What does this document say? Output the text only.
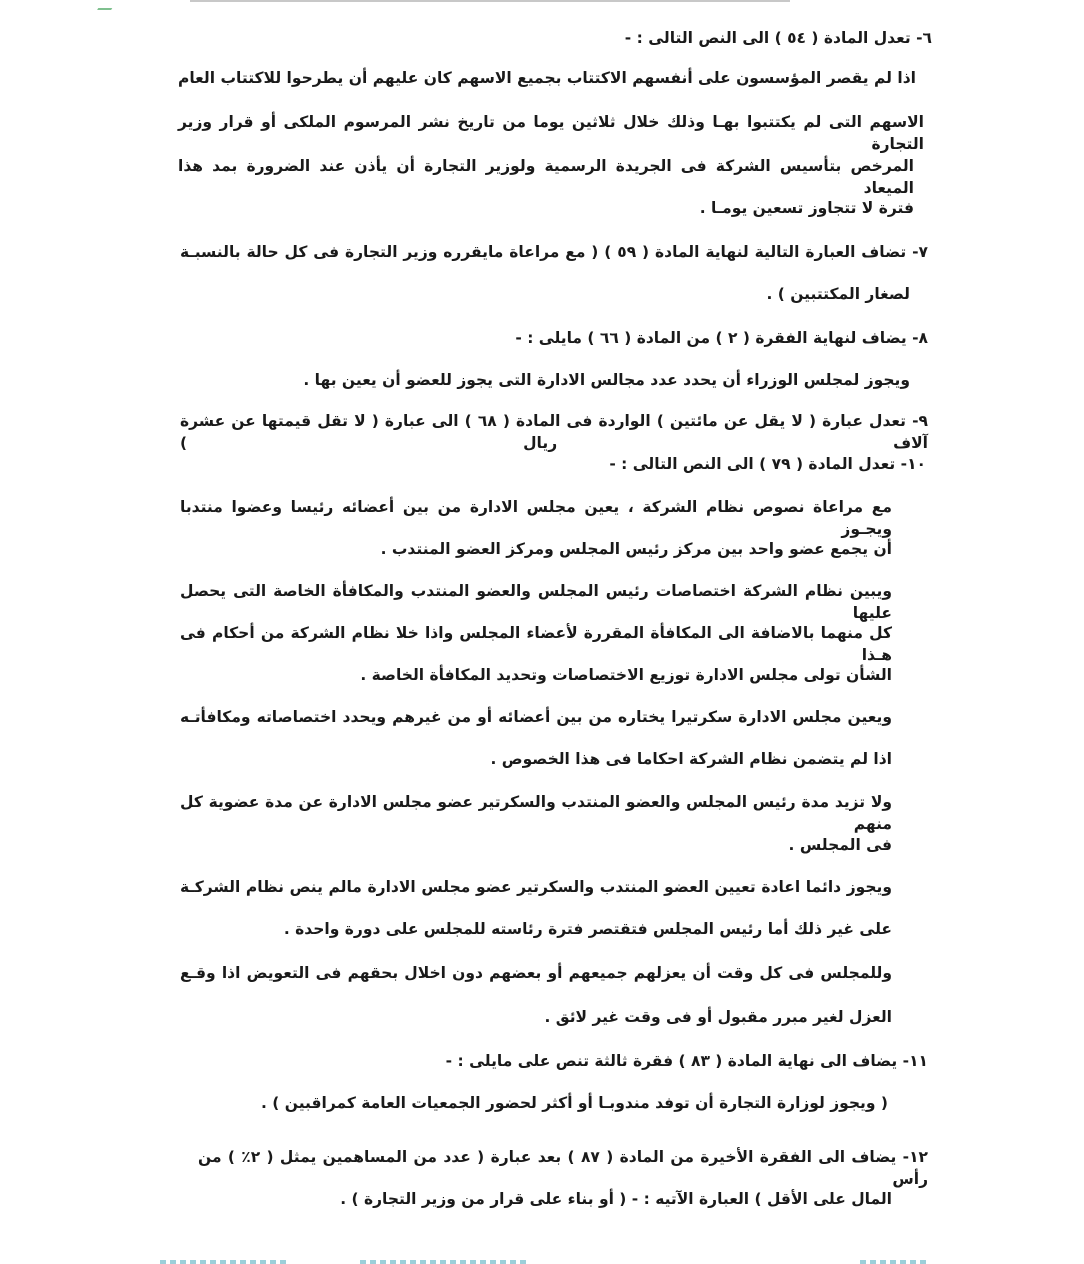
٦- تعدل المادة ( ٥٤ ) الى النص التالى : -
اذا لم يقصر المؤسسون على أنفسهم الاكتتاب بجميع الاسهم كان عليهم أن يطرحوا للاكتتاب العام
الاسهم التى لم يكتتبوا بهـا وذلك خلال ثلاثين يوما من تاريخ نشر المرسوم الملكى أو قرار وزير التجارة
المرخص بتأسيس الشركة فى الجريدة الرسمية ولوزير التجارة أن يأذن عند الضرورة بمد هذا الميعاد
فترة لا تتجاوز تسعين يومـا .
٧- تضاف العبارة التالية لنهاية المادة ( ٥٩ ) ( مع مراعاة مايقرره وزير التجارة فى كل حالة بالنسبـة
لصغار المكتتبين ) .
٨- يضاف لنهاية الفقرة ( ٢ ) من المادة ( ٦٦ ) مايلى : -
ويجوز لمجلس الوزراء أن يحدد عدد مجالس الادارة التى يجوز للعضو أن يعين بها .
٩- تعدل عبارة ( لا يقل عن مائتين ) الواردة فى المادة ( ٦٨ ) الى عبارة ( لا تقل قيمتها عن عشرة آلاف ريال )
١٠- تعدل المادة ( ٧٩ ) الى النص التالى : -
مع مراعاة نصوص نظام الشركة ، يعين مجلس الادارة من بين أعضائه رئيسا وعضوا منتدبا ويجـوز
أن يجمع عضو واحد بين مركز رئيس المجلس ومركز العضو المنتدب .
ويبين نظام الشركة اختصاصات رئيس المجلس والعضو المنتدب والمكافأة الخاصة التى يحصل عليها
كل منهما بالاضافة الى المكافأة المقررة لأعضاء المجلس واذا خلا نظام الشركة من أحكام فى هـذا
الشأن تولى مجلس الادارة توزيع الاختصاصات وتحديد المكافأة الخاصة .
ويعين مجلس الادارة سكرتيرا يختاره من بين أعضائه أو من غيرهم ويحدد اختصاصاته ومكافأتـه
اذا لم يتضمن نظام الشركة احكاما فى هذا الخصوص .
ولا تزيد مدة رئيس المجلس والعضو المنتدب والسكرتير عضو مجلس الادارة عن مدة عضوية كل منهم
فى المجلس .
ويجوز دائما اعادة تعيين العضو المنتدب والسكرتير عضو مجلس الادارة مالم ينص نظام الشركـة
على غير ذلك أما رئيس المجلس فتقتصر فترة رئاسته للمجلس على دورة واحدة .
وللمجلس فى كل وقت أن يعزلهم جميعهم أو بعضهم دون اخلال بحقهم فى التعويض اذا وقـع
العزل لغير مبرر مقبول أو فى وقت غير لائق .
١١- يضاف الى نهاية المادة ( ٨٣ ) فقرة ثالثة تنص على مايلى : -
( ويجوز لوزارة التجارة أن توفد مندوبـا أو أكثر لحضور الجمعيات العامة كمراقبين ) .
١٢- يضاف الى الفقرة الأخيرة من المادة ( ٨٧ ) بعد عبارة ( عدد من المساهمين يمثل ( ٢٪ ) من رأس
المال على الأقل ) العبارة الآتيه : - ( أو بناء على قرار من وزير التجارة ) .
